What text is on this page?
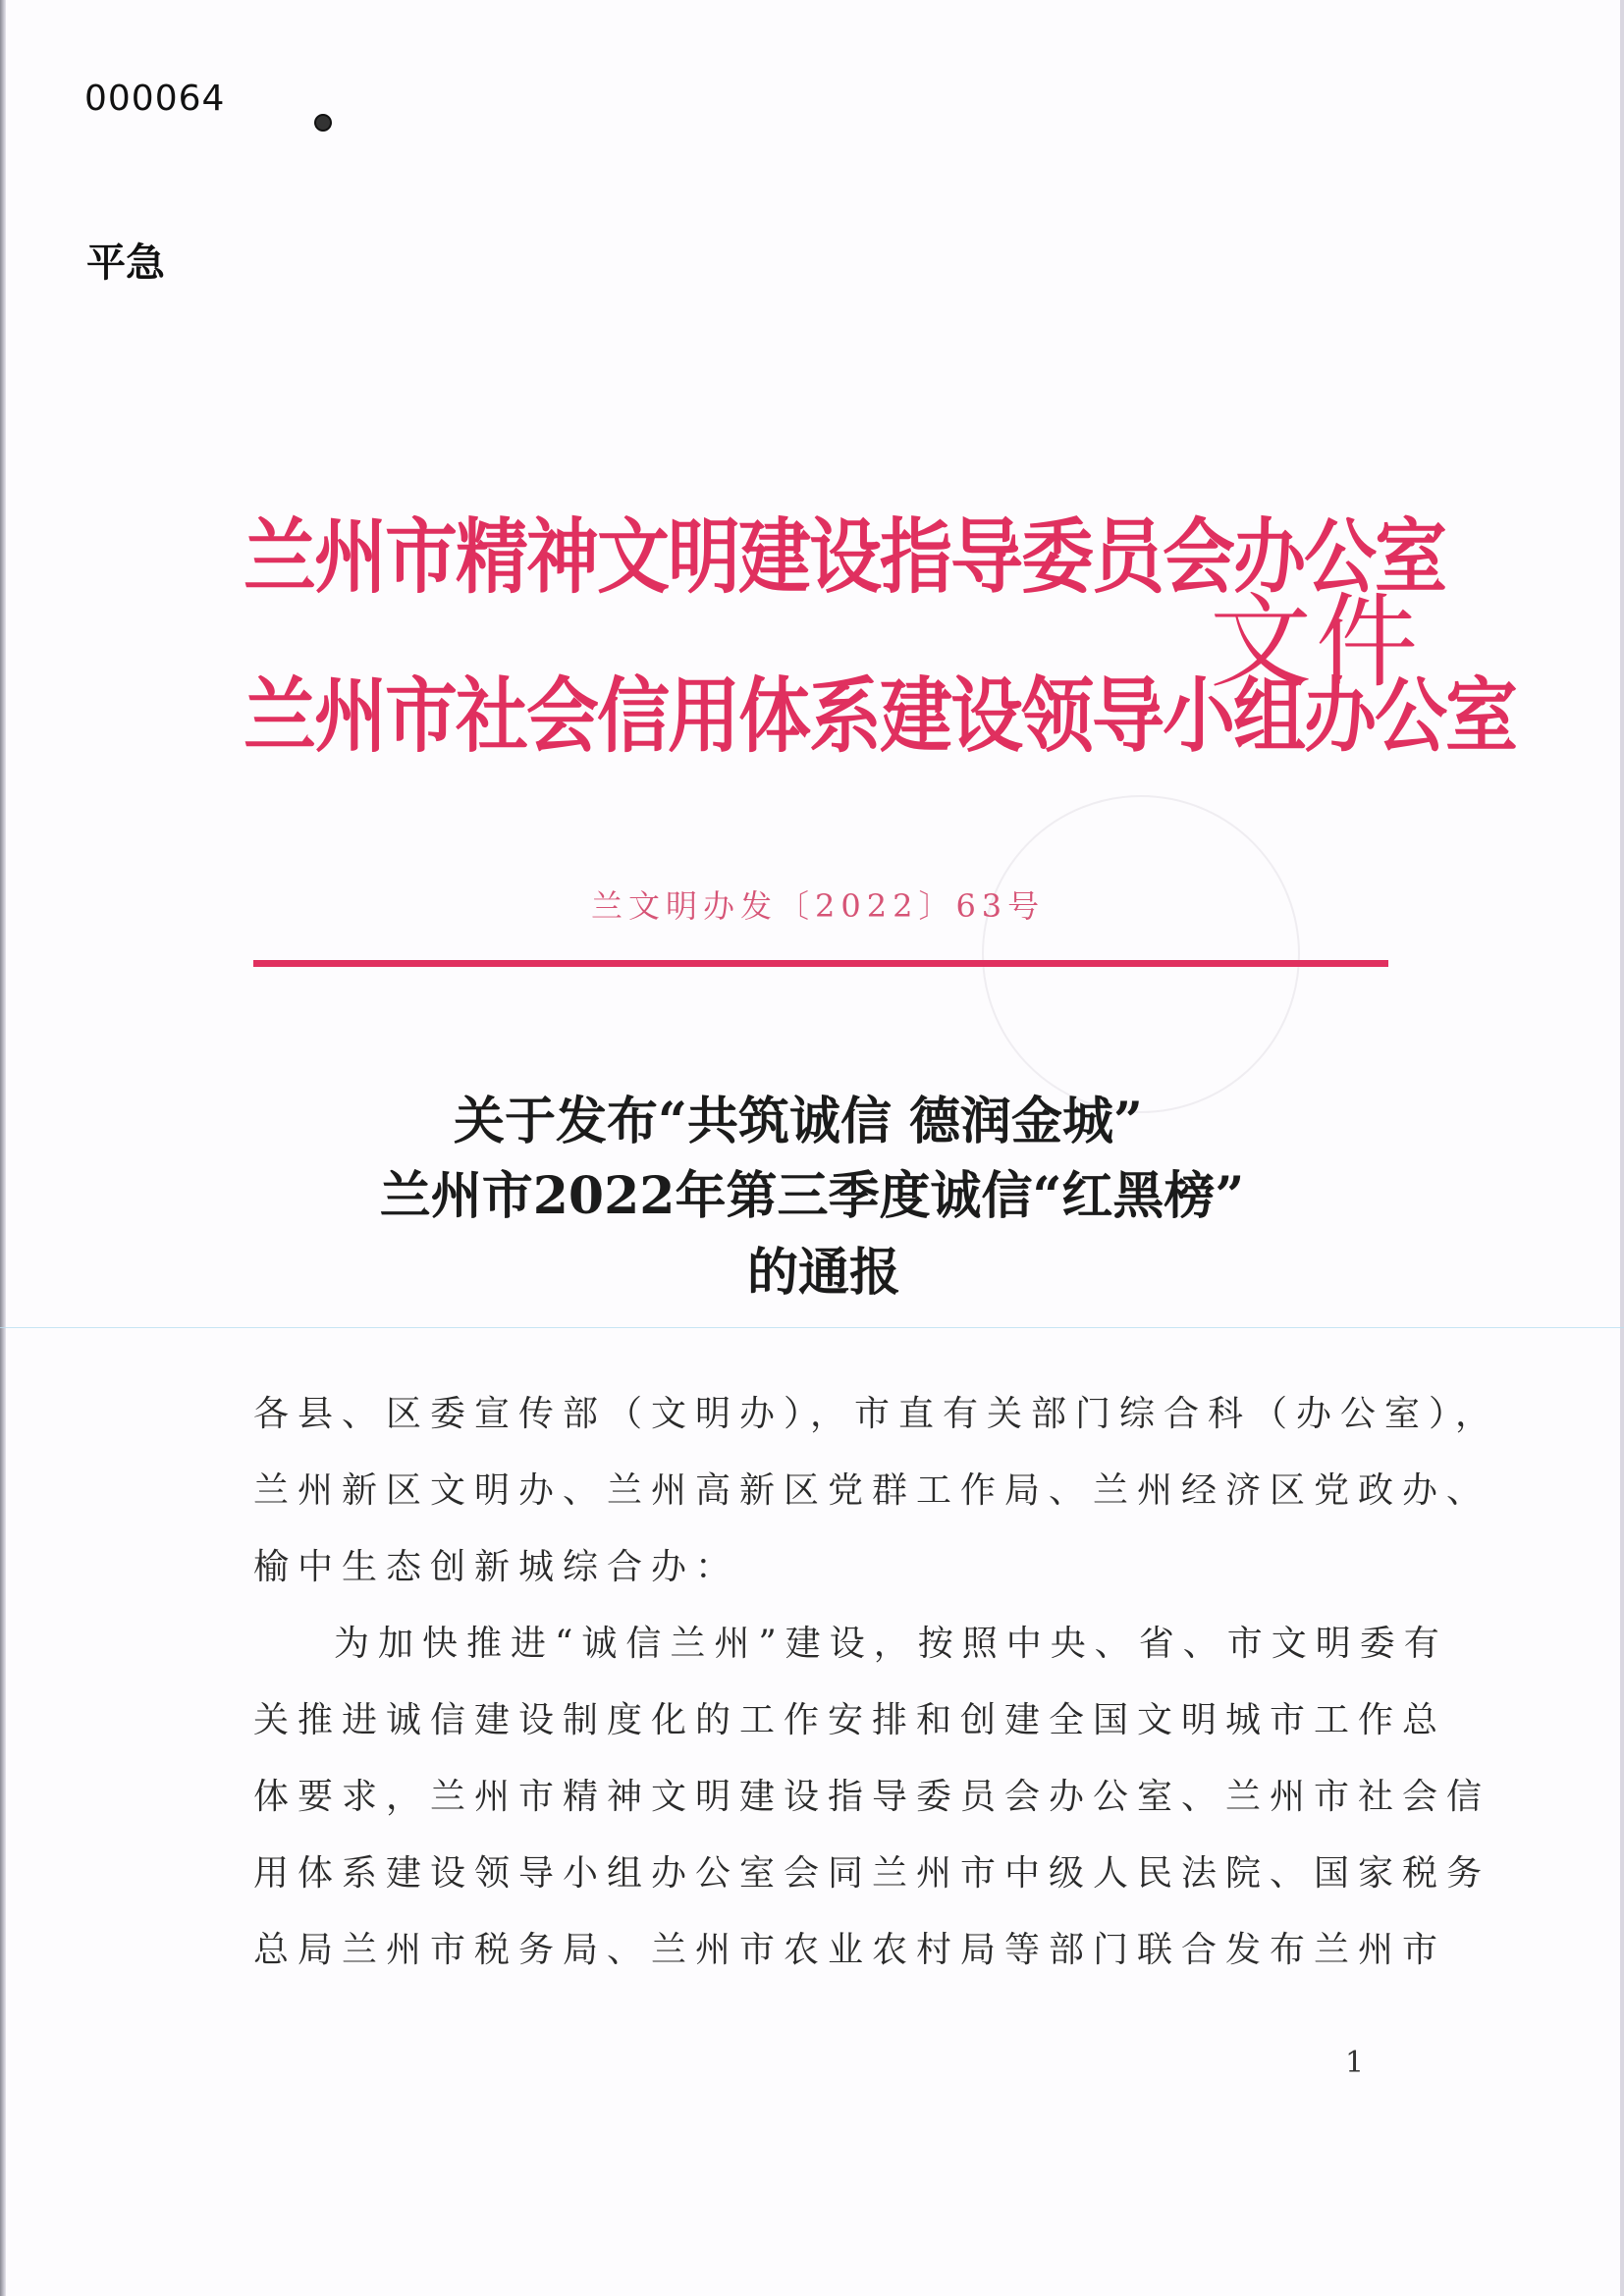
000064
平急
兰州市精神文明建设指导委员会办公室
兰州市社会信用体系建设领导小组办公室
文件
兰文明办发〔2022〕63号
关于发布“共筑诚信 德润金城”
兰州市2022年第三季度诚信“红黑榜”
的通报
各县、区委宣传部（文明办），市直有关部门综合科（办公室），
兰州新区文明办、兰州高新区党群工作局、兰州经济区党政办、
榆中生态创新城综合办：
为加快推进“诚信兰州”建设，按照中央、省、市文明委有
关推进诚信建设制度化的工作安排和创建全国文明城市工作总
体要求，兰州市精神文明建设指导委员会办公室、兰州市社会信
用体系建设领导小组办公室会同兰州市中级人民法院、国家税务
总局兰州市税务局、兰州市农业农村局等部门联合发布兰州市
1
